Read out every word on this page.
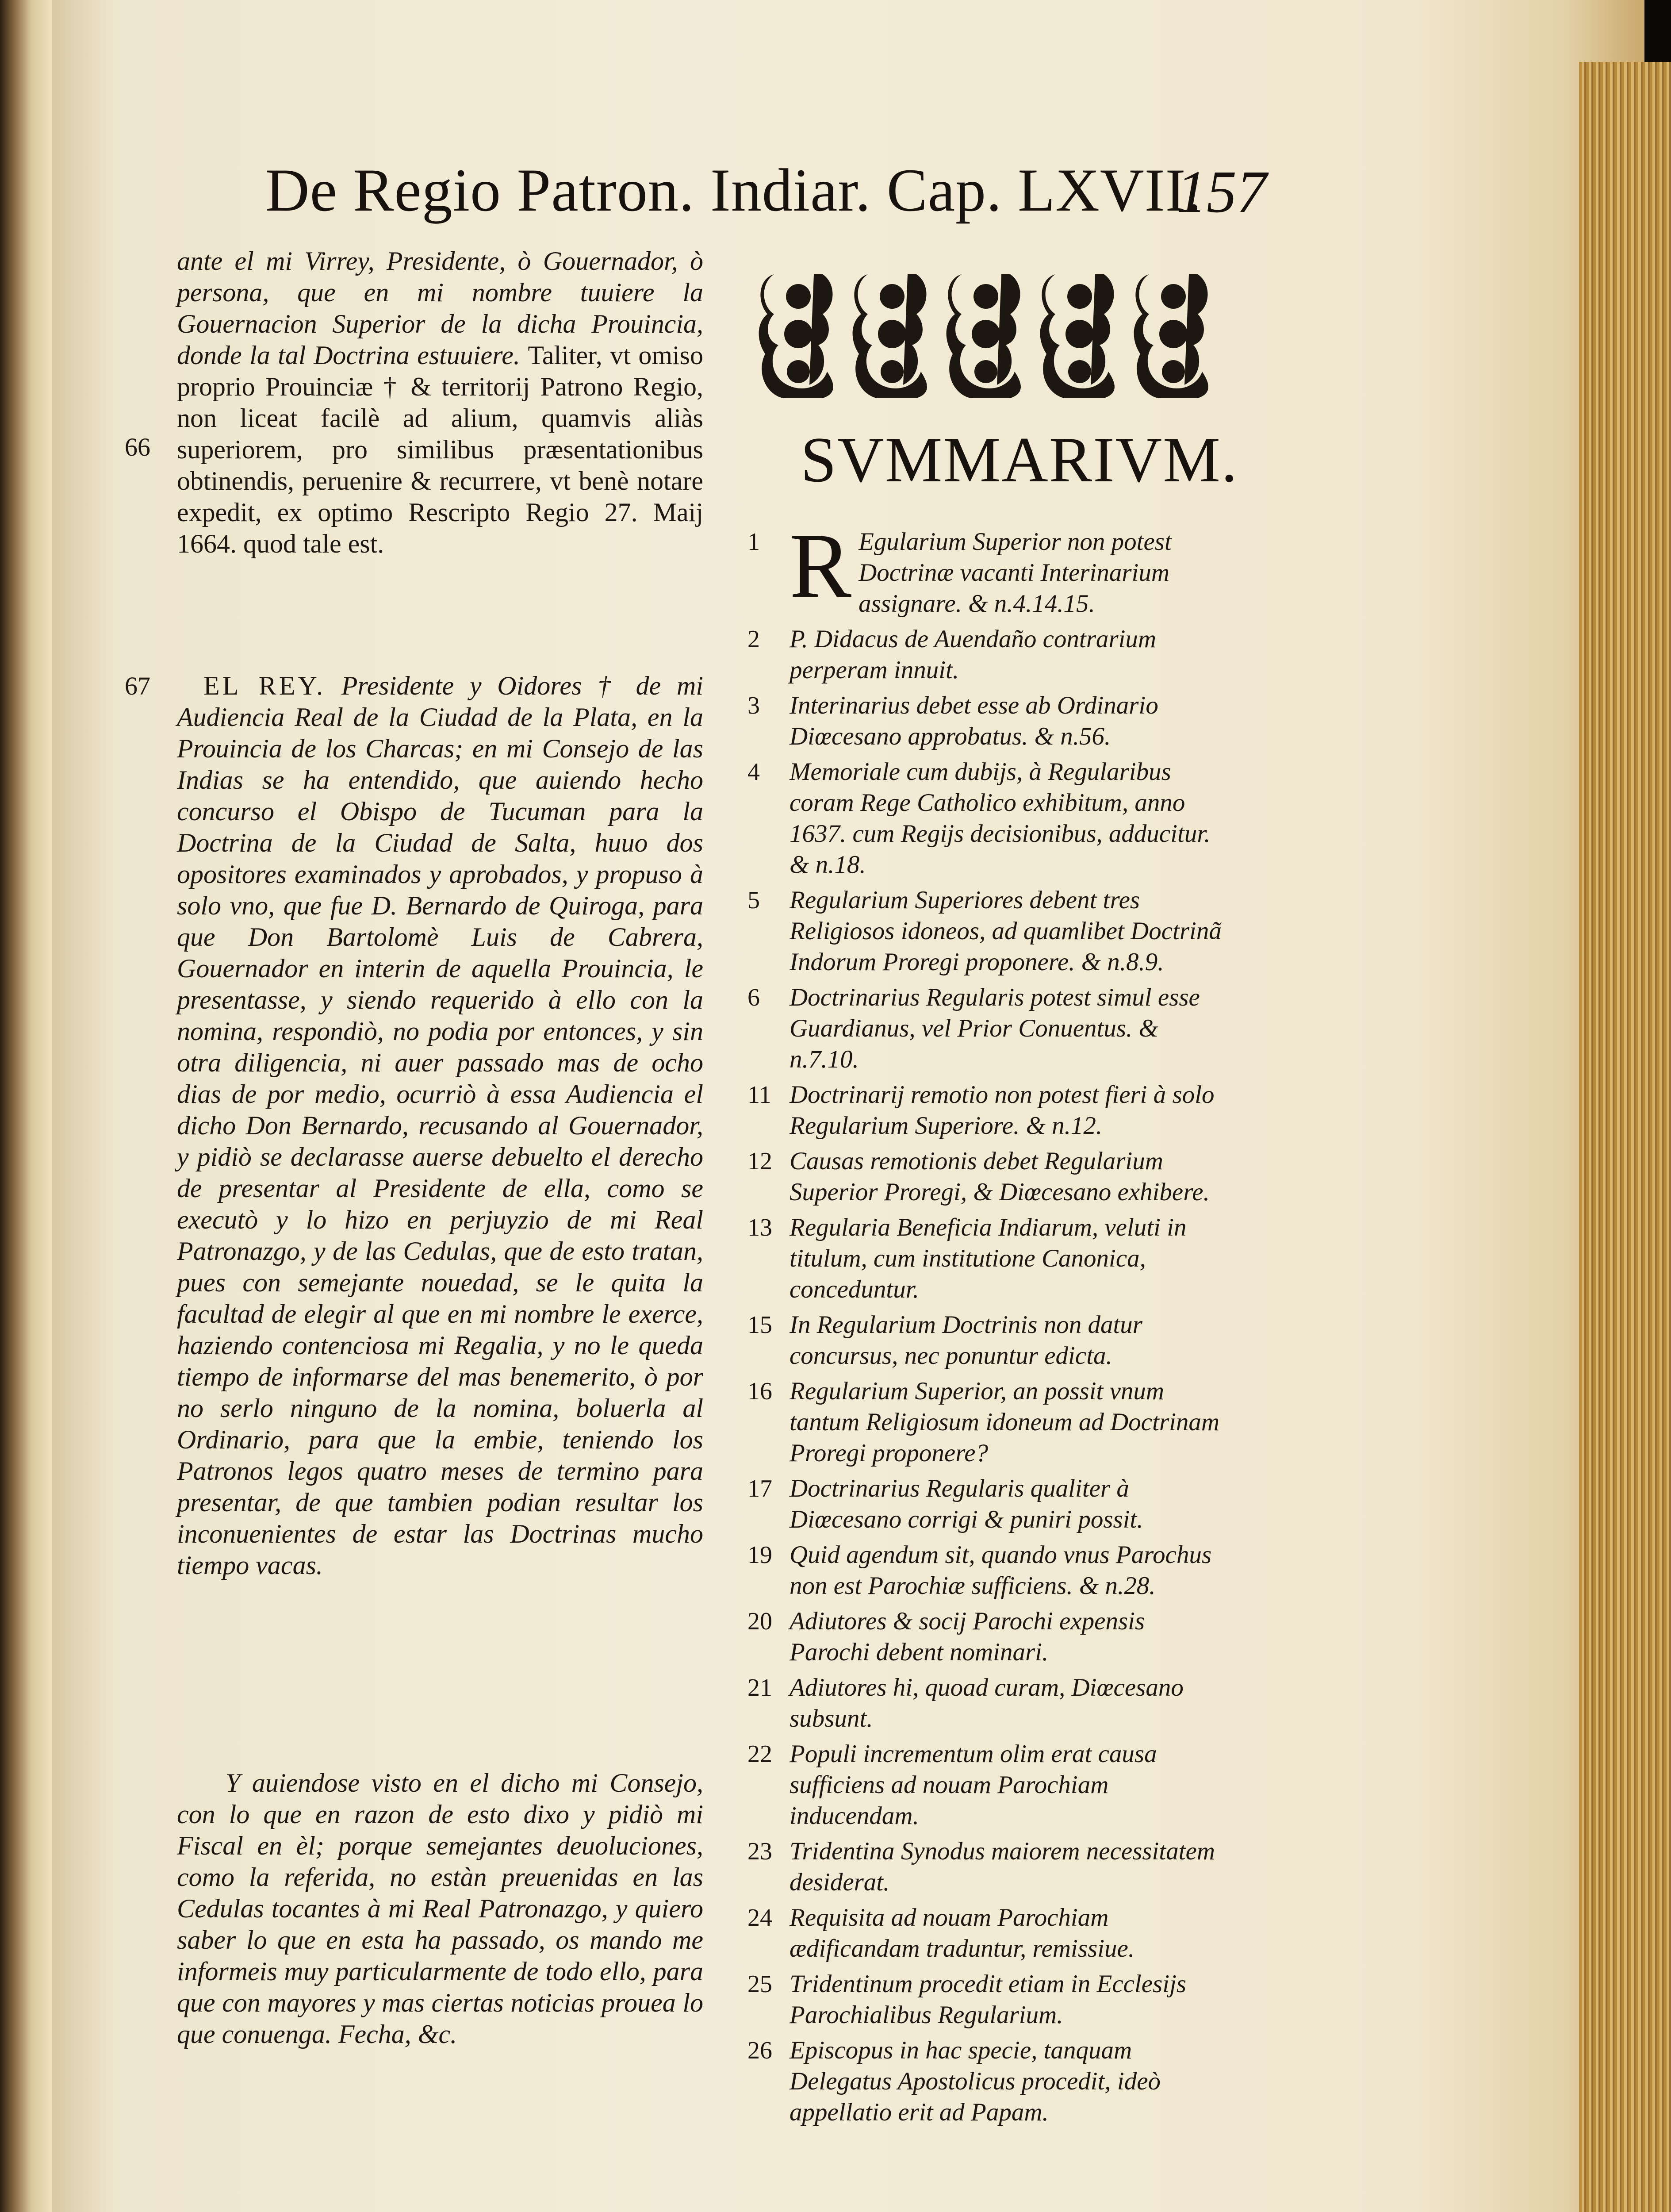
De Regio Patron. Indiar. Cap. LXVII.
157

ante el mi Virrey, Presidente, ò Gouernador, ò persona, que en mi nombre tuuiere la Gouernacion Superior de la dicha Prouincia, donde la tal Doctrina estuuiere.
66
Taliter, vt omiso proprio Prouinciæ † & territorij Patrono Regio, non liceat facilè ad alium, quamvis aliàs superiorem, pro similibus præsentationibus obtinendis, peruenire & recurrere, vt benè notare expedit, ex optimo Rescripto Regio 27. Maij 1664. quod tale est.

67 EL REY. Presidente y Oidores † de mi Audiencia Real de la Ciudad de la Plata, en la Prouincia de los Charcas; en mi Consejo de las Indias se ha entendido, que auiendo hecho concurso el Obispo de Tucuman para la Doctrina de la Ciudad de Salta, huuo dos opositores examinados y aprobados, y propuso à solo vno, que fue D. Bernardo de Quiroga, para que Don Bartolomè Luis de Cabrera, Gouernador en interin de aquella Prouincia, le presentasse, y siendo requerido à ello con la nomina, respondiò, no podia por entonces, y sin otra diligencia, ni auer passado mas de ocho dias de por medio, ocurriò à essa Audiencia el dicho Don Bernardo, recusando al Gouernador, y pidiò se declarasse auerse debuelto el derecho de presentar al Presidente de ella, como se executò y lo hizo en perjuyzio de mi Real Patronazgo, y de las Cedulas, que de esto tratan, pues con semejante nouedad, se le quita la facultad de elegir al que en mi nombre le exerce, haziendo contenciosa mi Regalia, y no le queda tiempo de informarse del mas benemerito, ò por no serlo ninguno de la nomina, boluerla al Ordinario, para que la embie, teniendo los Patronos legos quatro meses de termino para presentar, de que tambien podian resultar los inconuenientes de estar las Doctrinas mucho tiempo vacas.

Y auiendose visto en el dicho mi Consejo, con lo que en razon de esto dixo y pidiò mi Fiscal en èl; porque semejantes deuoluciones, como la referida, no estàn preuenidas en las Cedulas tocantes à mi Real Patronazgo, y quiero saber lo que en esta ha passado, os mando me informeis muy particularmente de todo ello, para que con mayores y mas ciertas noticias prouea lo que conuenga. Fecha, &c.

SVMMARIVM.
1 R Egularium Superior non potest Doctrinæ vacanti Interinarium assignare. & n.4.14.15.
2 P. Didacus de Auendaño contrarium perperam innuit.
3 Interinarius debet esse ab Ordinario Diœcesano approbatus. & n.56.
4 Memoriale cum dubijs, à Regularibus coram Rege Catholico exhibitum, anno 1637. cum Regijs decisionibus, adducitur. & n.18.
5 Regularium Superiores debent tres Religiosos idoneos, ad quamlibet Doctrinã Indorum Proregi proponere. & n.8.9.
6 Doctrinarius Regularis potest simul esse Guardianus, vel Prior Conuentus. & n.7.10.
11 Doctrinarij remotio non potest fieri à solo Regularium Superiore. & n.12.
12 Causas remotionis debet Regularium Superior Proregi, & Diœcesano exhibere.
13 Regularia Beneficia Indiarum, veluti in titulum, cum institutione Canonica, conceduntur.
15 In Regularium Doctrinis non datur concursus, nec ponuntur edicta.
16 Regularium Superior, an possit vnum tantum Religiosum idoneum ad Doctrinam Proregi proponere?
17 Doctrinarius Regularis qualiter à Diœcesano corrigi & puniri possit.
19 Quid agendum sit, quando vnus Parochus non est Parochiæ sufficiens. & n.28.
20 Adiutores & socij Parochi expensis Parochi debent nominari.
21 Adiutores hi, quoad curam, Diœcesano subsunt.
22 Populi incrementum olim erat causa sufficiens ad nouam Parochiam inducendam.
23 Tridentina Synodus maiorem necessitatem desiderat.
24 Requisita ad nouam Parochiam ædificandam traduntur, remissiue.
25 Tridentinum procedit etiam in Ecclesijs Parochialibus Regularium.
26 Episcopus in hac specie, tanquam Delegatus Apostolicus procedit, ideò appellatio erit ad Papam.
